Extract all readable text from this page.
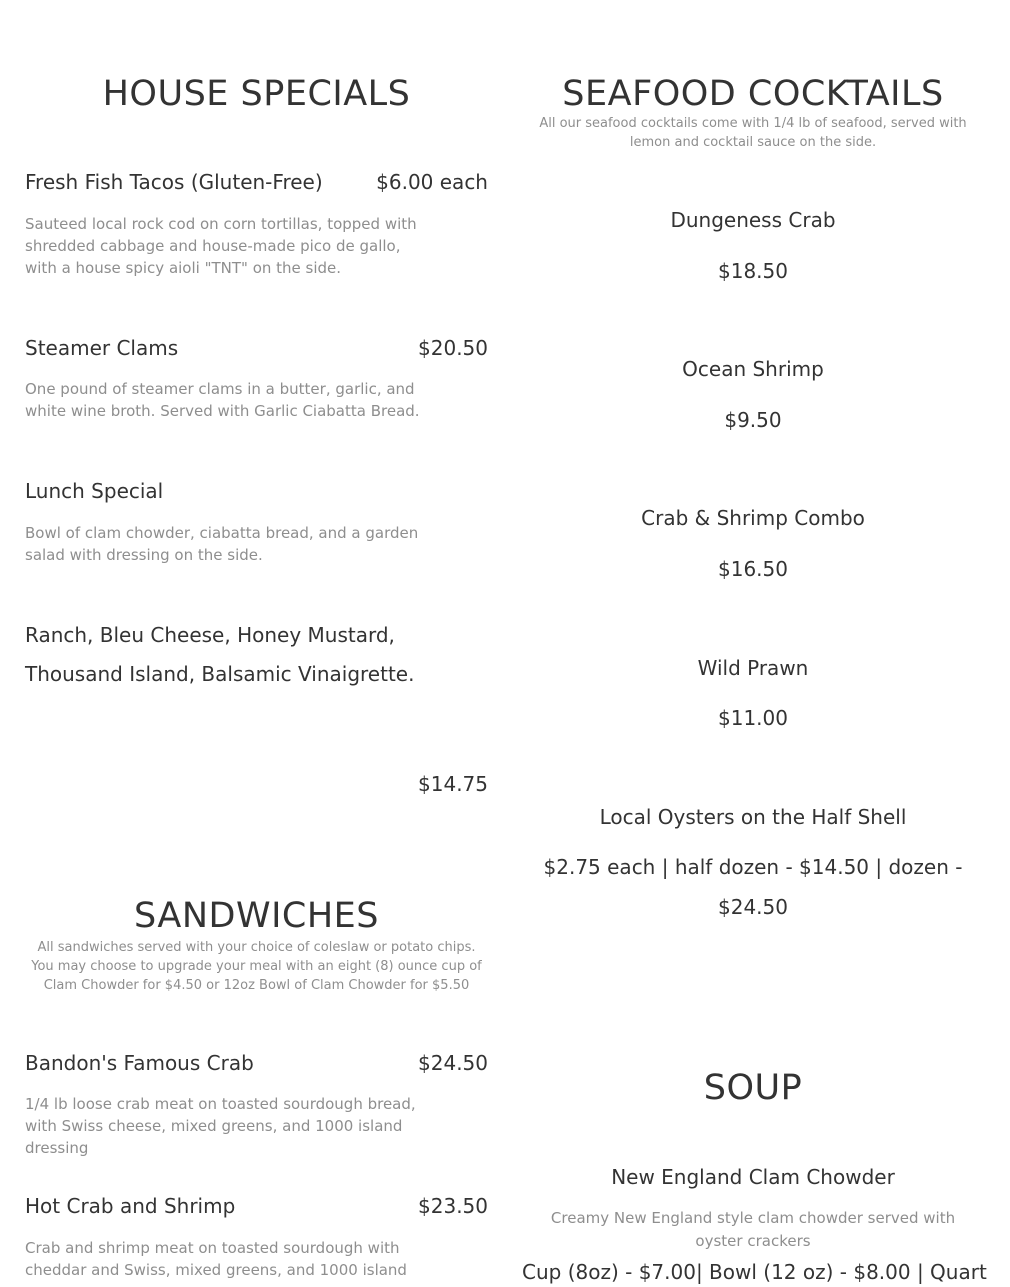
HOUSE SPECIALS
Fresh Fish Tacos (Gluten-Free)	$6.00 each
Sauteed local rock cod on corn tortillas, topped with shredded cabbage and house-made pico de gallo, with a house spicy aioli "TNT" on the side.
Steamer Clams	$20.50
One pound of steamer clams in a butter, garlic, and white wine broth. Served with Garlic Ciabatta Bread.
Lunch Special
Bowl of clam chowder, ciabatta bread, and a garden salad with dressing on the side.
Ranch, Bleu Cheese, Honey Mustard, Thousand Island, Balsamic Vinaigrette.
$14.75
SANDWICHES
All sandwiches served with your choice of coleslaw or potato chips. You may choose to upgrade your meal with an eight (8) ounce cup of Clam Chowder for $4.50 or 12oz Bowl of Clam Chowder for $5.50
Bandon's Famous Crab	$24.50
1/4 lb loose crab meat on toasted sourdough bread, with Swiss cheese, mixed greens, and 1000 island dressing
Hot Crab and Shrimp	$23.50
Crab and shrimp meat on toasted sourdough with cheddar and Swiss, mixed greens, and 1000 island
SEAFOOD COCKTAILS
All our seafood cocktails come with 1/4 lb of seafood, served with lemon and cocktail sauce on the side.
Dungeness Crab
$18.50
Ocean Shrimp
$9.50
Crab & Shrimp Combo
$16.50
Wild Prawn
$11.00
Local Oysters on the Half Shell
$2.75 each | half dozen - $14.50 | dozen - $24.50
SOUP
New England Clam Chowder
Creamy New England style clam chowder served with oyster crackers
Cup (8oz) - $7.00| Bowl (12 oz) - $8.00 | Quart
